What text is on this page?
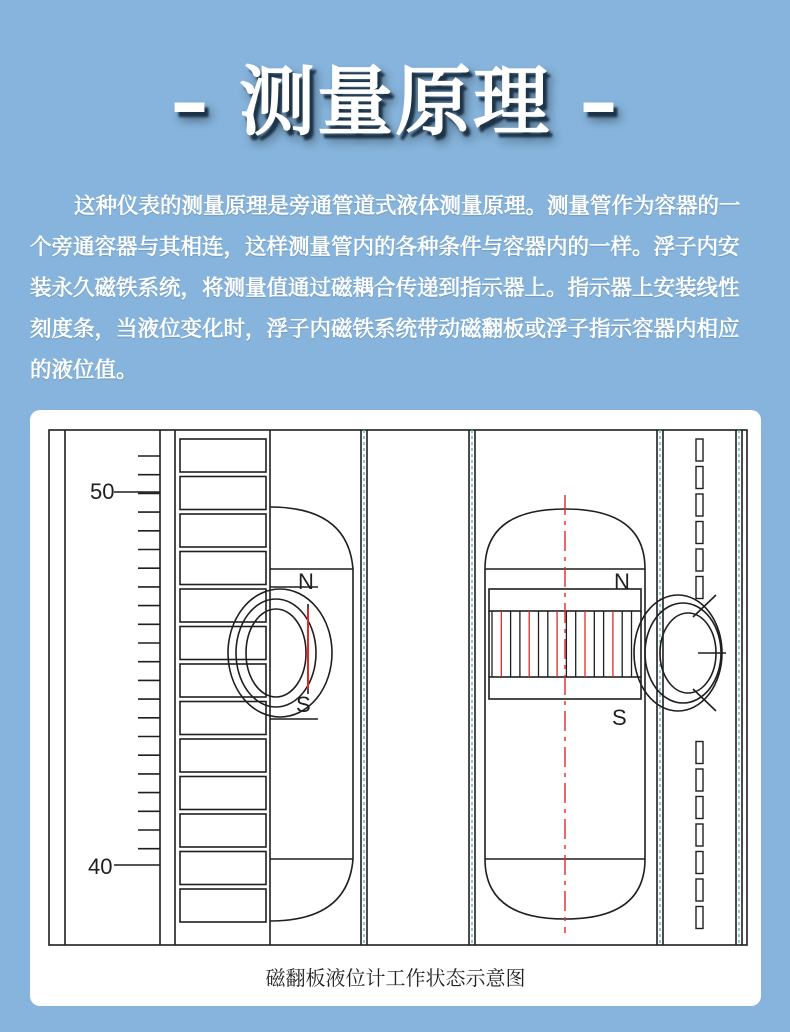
– 测量原理 –
这种仪表的测量原理是旁通管道式液体测量原理。测量管作为容器的一个旁通容器与其相连，这样测量管内的各种条件与容器内的一样。浮子内安装永久磁铁系统，将测量值通过磁耦合传递到指示器上。指示器上安装线性刻度条，当液位变化时，浮子内磁铁系统带动磁翻板或浮子指示容器内相应的液位值。
50
40
N
S
N
S
磁翻板液位计工作状态示意图
